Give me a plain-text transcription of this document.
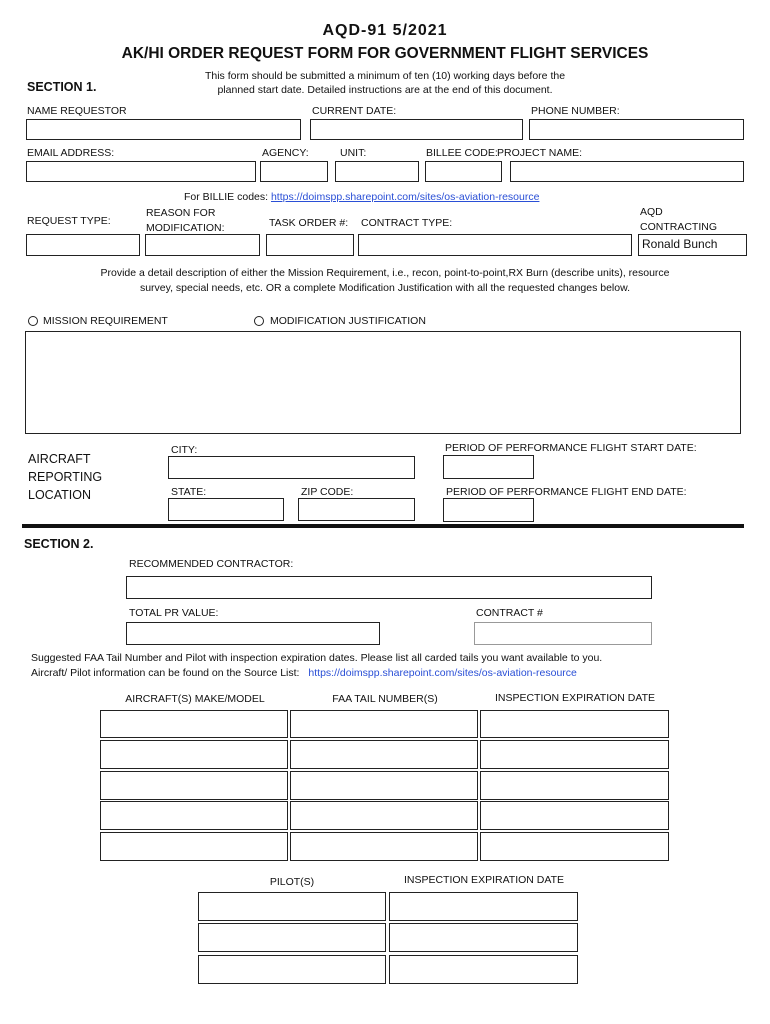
AQD-91 5/2021
AK/HI ORDER REQUEST FORM FOR GOVERNMENT FLIGHT SERVICES
SECTION 1.
This form should be submitted a minimum of ten (10) working days before the
planned start date. Detailed instructions are at the end of this document.
NAME REQUESTOR	CURRENT DATE:	PHONE NUMBER:
EMAIL ADDRESS:	AGENCY:	UNIT:	BILLEE CODE: PROJECT NAME:
For BILLIE codes: https://doimspp.sharepoint.com/sites/os-aviation-resource
REQUEST TYPE:
REASON FOR
MODIFICATION:	TASK ORDER #: CONTRACT TYPE:
AQD
CONTRACTING
Ronald Bunch
Provide a detail description of either the Mission Requirement, i.e., recon, point-to-point,RX Burn (describe units), resource
survey, special needs, etc. OR a complete Modification Justification with all the requested changes below.
MISSION REQUIREMENT	MODIFICATION JUSTIFICATION
AIRCRAFT
REPORTING
LOCATION
CITY:
STATE:	ZIP CODE:
PERIOD OF PERFORMANCE FLIGHT START DATE:
PERIOD OF PERFORMANCE FLIGHT END DATE:
SECTION 2.
RECOMMENDED CONTRACTOR:
TOTAL PR VALUE:	CONTRACT #
Suggested FAA Tail Number and Pilot with inspection expiration dates. Please list all carded tails you want available to you.
Aircraft/ Pilot information can be found on the Source List: https://doimspp.sharepoint.com/sites/os-aviation-resource
AIRCRAFT(S) MAKE/MODEL	FAA TAIL NUMBER(S)	INSPECTION EXPIRATION DATE
PILOT(S)	INSPECTION EXPIRATION DATE
